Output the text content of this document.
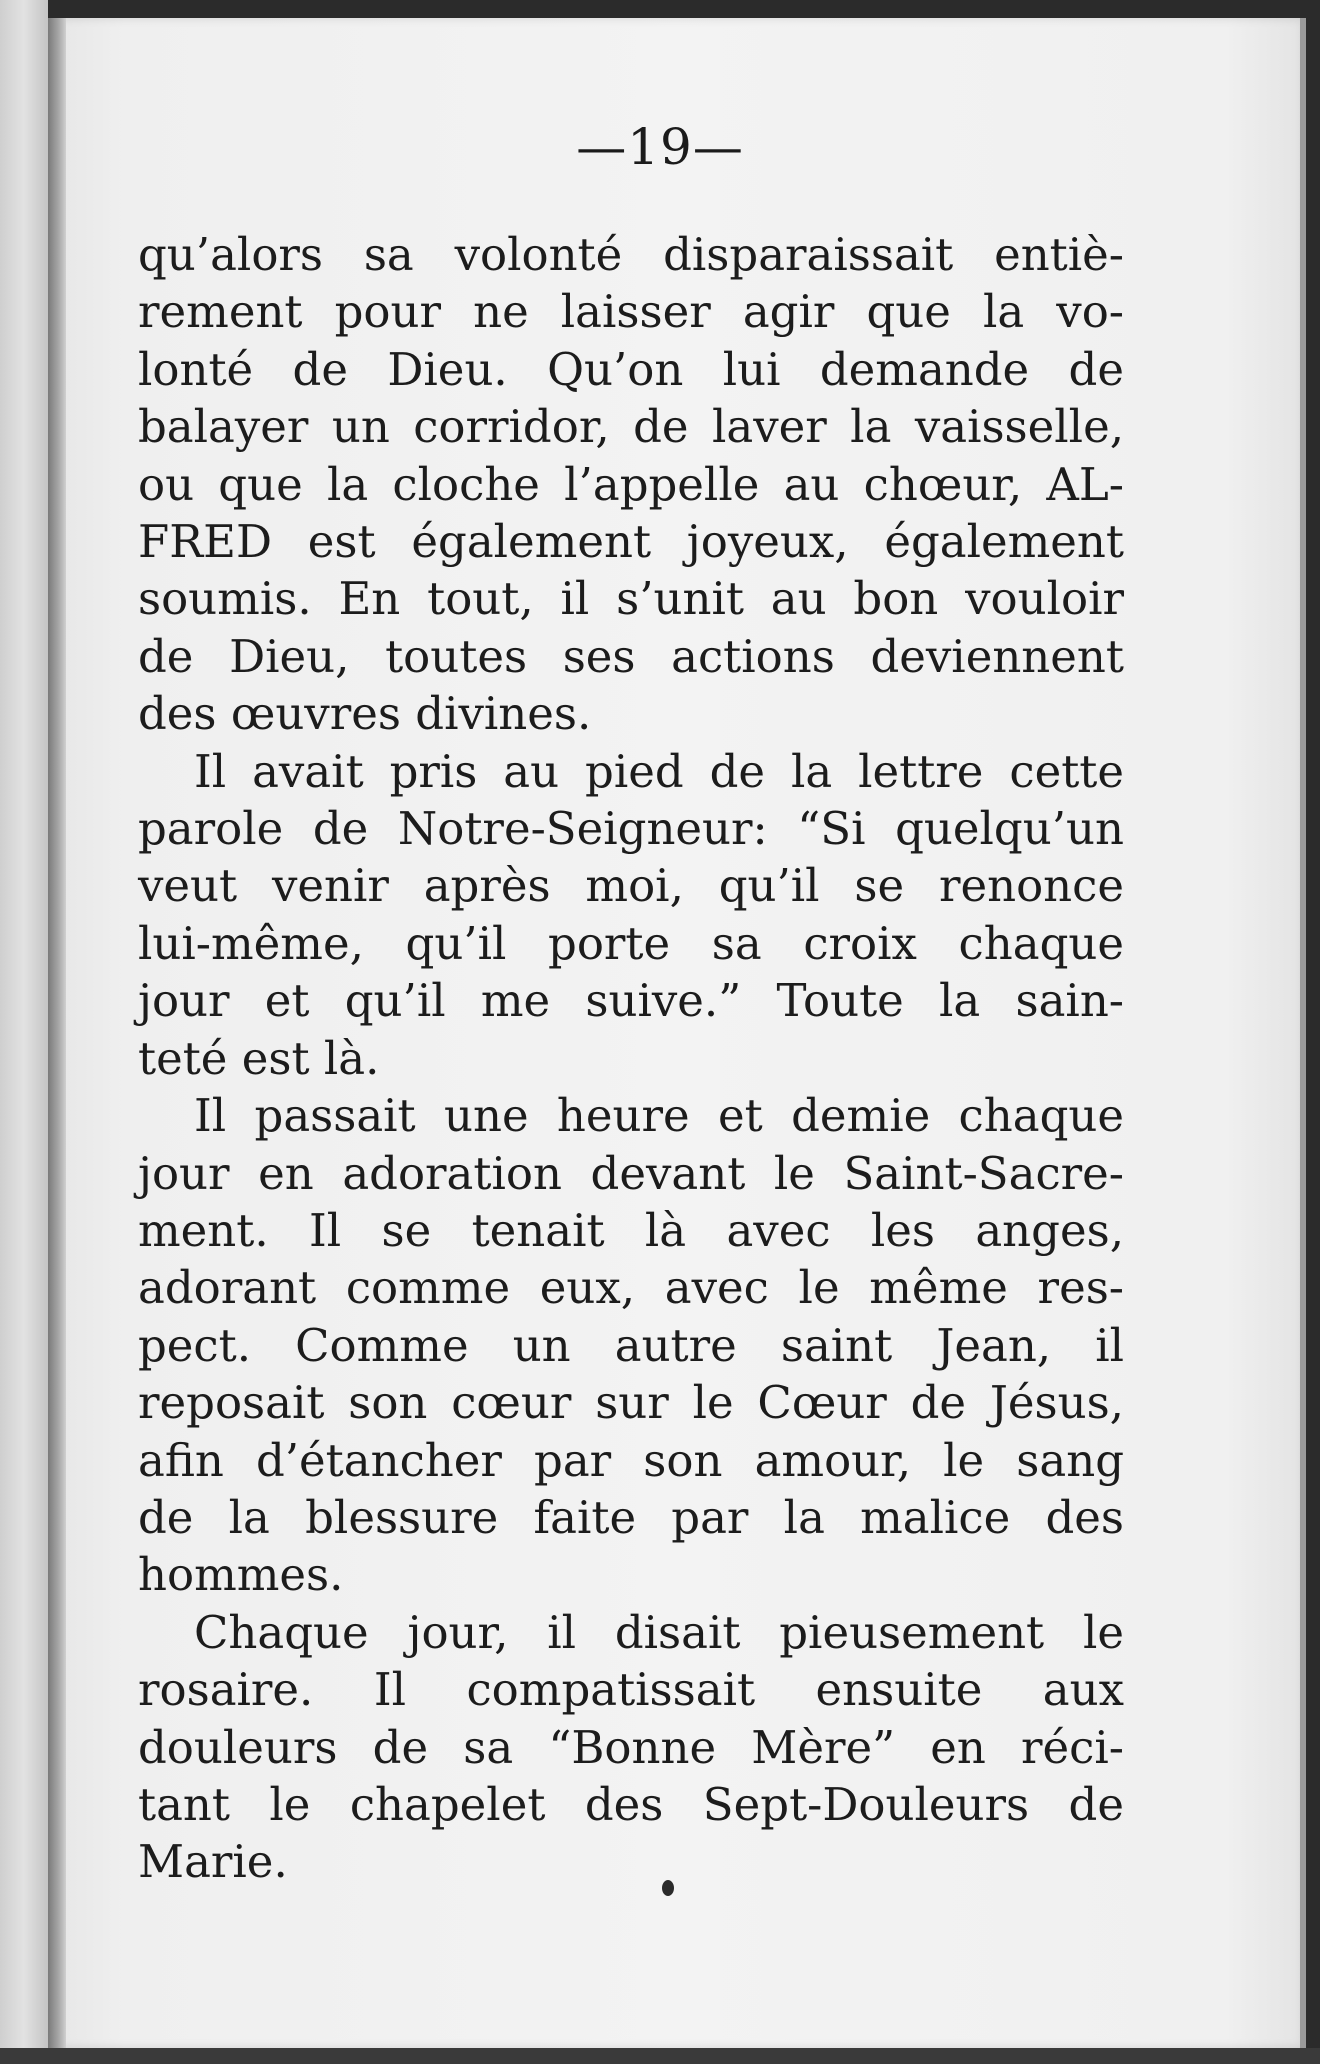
—19—
qu’alors sa volonté disparaissait entiè-
rement pour ne laisser agir que la vo-
lonté de Dieu. Qu’on lui demande de
balayer un corridor, de laver la vaisselle,
ou que la cloche l’appelle au chœur, AL-
FRED est également joyeux, également
soumis. En tout, il s’unit au bon vouloir
de Dieu, toutes ses actions deviennent
des œuvres divines.
Il avait pris au pied de la lettre cette
parole de Notre-Seigneur: “Si quelqu’un
veut venir après moi, qu’il se renonce
lui-même, qu’il porte sa croix chaque
jour et qu’il me suive.” Toute la sain-
teté est là.
Il passait une heure et demie chaque
jour en adoration devant le Saint-Sacre-
ment. Il se tenait là avec les anges,
adorant comme eux, avec le même res-
pect. Comme un autre saint Jean, il
reposait son cœur sur le Cœur de Jésus,
afin d’étancher par son amour, le sang
de la blessure faite par la malice des
hommes.
Chaque jour, il disait pieusement le
rosaire. Il compatissait ensuite aux
douleurs de sa “Bonne Mère” en réci-
tant le chapelet des Sept-Douleurs de
Marie.
